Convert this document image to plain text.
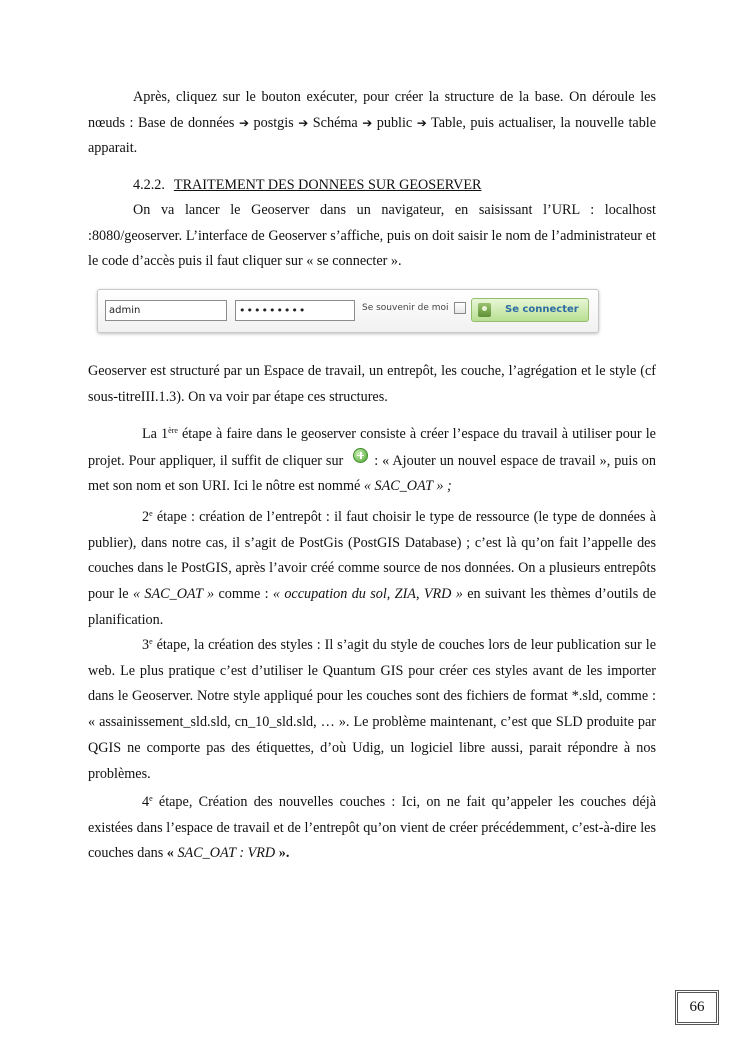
Après, cliquez sur le bouton exécuter, pour créer la structure de la base. On déroule les nœuds : Base de données ➔ postgis ➔ Schéma ➔ public ➔ Table, puis actualiser, la nouvelle table apparait.
4.2.2. TRAITEMENT DES DONNEES SUR GEOSERVER
On va lancer le Geoserver dans un navigateur, en saisissant l’URL : localhost :8080/geoserver. L’interface de Geoserver s’affiche, puis on doit saisir le nom de l’administrateur et le code d’accès puis il faut cliquer sur « se connecter ».
admin	•••••••••	Se souvenir de moi	Se connecter
Geoserver est structuré par un Espace de travail, un entrepôt, les couche, l’agrégation et le style (cf sous-titreIII.1.3). On va voir par étape ces structures.
La 1ère étape à faire dans le geoserver consiste à créer l’espace du travail à utiliser pour le projet. Pour appliquer, il suffit de cliquer sur : « Ajouter un nouvel espace de travail », puis on met son nom et son URI. Ici le nôtre est nommé « SAC_OAT » ;
2e étape : création de l’entrepôt : il faut choisir le type de ressource (le type de données à publier), dans notre cas, il s’agit de PostGis (PostGIS Database) ; c’est là qu’on fait l’appelle des couches dans le PostGIS, après l’avoir créé comme source de nos données. On a plusieurs entrepôts pour le « SAC_OAT » comme : « occupation du sol, ZIA, VRD » en suivant les thèmes d’outils de planification.
3e étape, la création des styles : Il s’agit du style de couches lors de leur publication sur le web. Le plus pratique c’est d’utiliser le Quantum GIS pour créer ces styles avant de les importer dans le Geoserver. Notre style appliqué pour les couches sont des fichiers de format *.sld, comme : « assainissement_sld.sld, cn_10_sld.sld, … ». Le problème maintenant, c’est que SLD produite par QGIS ne comporte pas des étiquettes, d’où Udig, un logiciel libre aussi, parait répondre à nos problèmes.
4e étape, Création des nouvelles couches : Ici, on ne fait qu’appeler les couches déjà existées dans l’espace de travail et de l’entrepôt qu’on vient de créer précédemment, c’est-à-dire les couches dans « SAC_OAT : VRD ».
66
